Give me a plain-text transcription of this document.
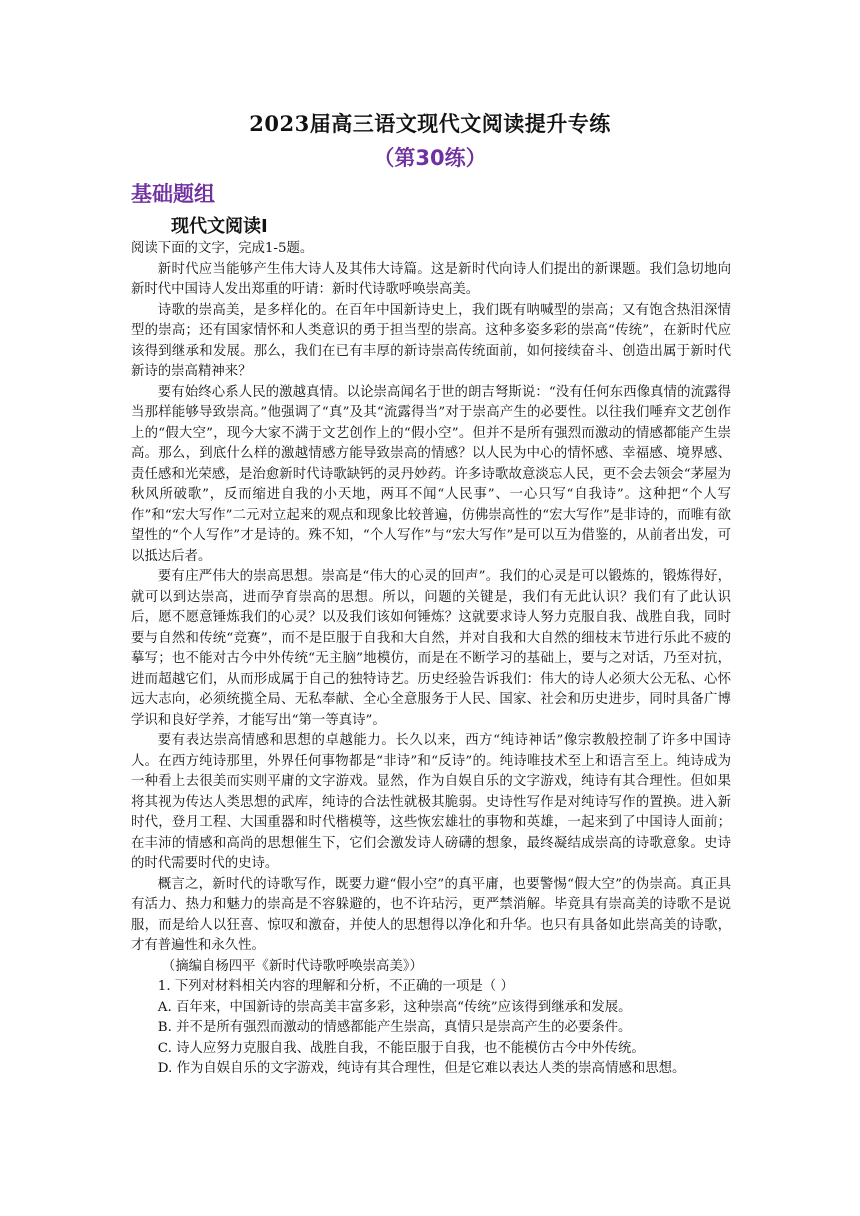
2023届高三语文现代文阅读提升专练
（第30练）
基础题组
现代文阅读Ⅰ

阅读下面的文字，完成1-5题。

新时代应当能够产生伟大诗人及其伟大诗篇。这是新时代向诗人们提出的新课题。我们急切地向新时代中国诗人发出郑重的吁请：新时代诗歌呼唤崇高美。

诗歌的崇高美，是多样化的。在百年中国新诗史上，我们既有呐喊型的崇高；又有饱含热泪深情型的崇高；还有国家情怀和人类意识的勇于担当型的崇高。这种多姿多彩的崇高“传统”，在新时代应该得到继承和发展。那么，我们在已有丰厚的新诗崇高传统面前，如何接续奋斗、创造出属于新时代新诗的崇高精神来？

要有始终心系人民的激越真情。以论崇高闻名于世的朗吉弩斯说：“没有任何东西像真情的流露得当那样能够导致崇高。”他强调了“真”及其“流露得当”对于崇高产生的必要性。以往我们唾弃文艺创作上的“假大空”，现今大家不满于文艺创作上的“假小空”。但并不是所有强烈而激动的情感都能产生崇高。那么，到底什么样的激越情感方能导致崇高的情感？以人民为中心的情怀感、幸福感、境界感、责任感和光荣感，是治愈新时代诗歌缺钙的灵丹妙药。许多诗歌故意淡忘人民，更不会去领会“茅屋为秋风所破歌”，反而缩进自我的小天地，两耳不闻“人民事”、一心只写“自我诗”。这种把“个人写作”和“宏大写作”二元对立起来的观点和现象比较普遍，仿佛崇高性的“宏大写作”是非诗的，而唯有欲望性的“个人写作”才是诗的。殊不知，“个人写作”与“宏大写作”是可以互为借鉴的，从前者出发，可以抵达后者。

要有庄严伟大的崇高思想。崇高是“伟大的心灵的回声”。我们的心灵是可以锻炼的，锻炼得好，就可以到达崇高，进而孕育崇高的思想。所以，问题的关键是，我们有无此认识？我们有了此认识后，愿不愿意锤炼我们的心灵？以及我们该如何锤炼？这就要求诗人努力克服自我、战胜自我，同时要与自然和传统“竞赛”，而不是臣服于自我和大自然，并对自我和大自然的细枝末节进行乐此不疲的摹写；也不能对古今中外传统“无主脑”地模仿，而是在不断学习的基础上，要与之对话，乃至对抗，进而超越它们，从而形成属于自己的独特诗艺。历史经验告诉我们：伟大的诗人必须大公无私、心怀远大志向，必须统揽全局、无私奉献、全心全意服务于人民、国家、社会和历史进步，同时具备广博学识和良好学养，才能写出“第一等真诗”。

要有表达崇高情感和思想的卓越能力。长久以来，西方“纯诗神话”像宗教般控制了许多中国诗人。在西方纯诗那里，外界任何事物都是“非诗”和“反诗”的。纯诗唯技术至上和语言至上。纯诗成为一种看上去很美而实则平庸的文字游戏。显然，作为自娱自乐的文字游戏，纯诗有其合理性。但如果将其视为传达人类思想的武库，纯诗的合法性就极其脆弱。史诗性写作是对纯诗写作的置换。进入新时代，登月工程、大国重器和时代楷模等，这些恢宏雄壮的事物和英雄，一起来到了中国诗人面前；在丰沛的情感和高尚的思想催生下，它们会激发诗人磅礴的想象，最终凝结成崇高的诗歌意象。史诗的时代需要时代的史诗。

概言之，新时代的诗歌写作，既要力避“假小空”的真平庸，也要警惕“假大空”的伪崇高。真正具有活力、热力和魅力的崇高是不容躲避的，也不许玷污，更严禁消解。毕竟具有崇高美的诗歌不是说服，而是给人以狂喜、惊叹和激奋，并使人的思想得以净化和升华。也只有具备如此崇高美的诗歌，才有普遍性和永久性。

（摘编自杨四平《新时代诗歌呼唤崇高美》）

1. 下列对材料相关内容的理解和分析，不正确的一项是（ ）

A. 百年来，中国新诗的崇高美丰富多彩，这种崇高“传统”应该得到继承和发展。

B. 并不是所有强烈而激动的情感都能产生崇高，真情只是崇高产生的必要条件。

C. 诗人应努力克服自我、战胜自我，不能臣服于自我，也不能模仿古今中外传统。

D. 作为自娱自乐的文字游戏，纯诗有其合理性，但是它难以表达人类的崇高情感和思想。
